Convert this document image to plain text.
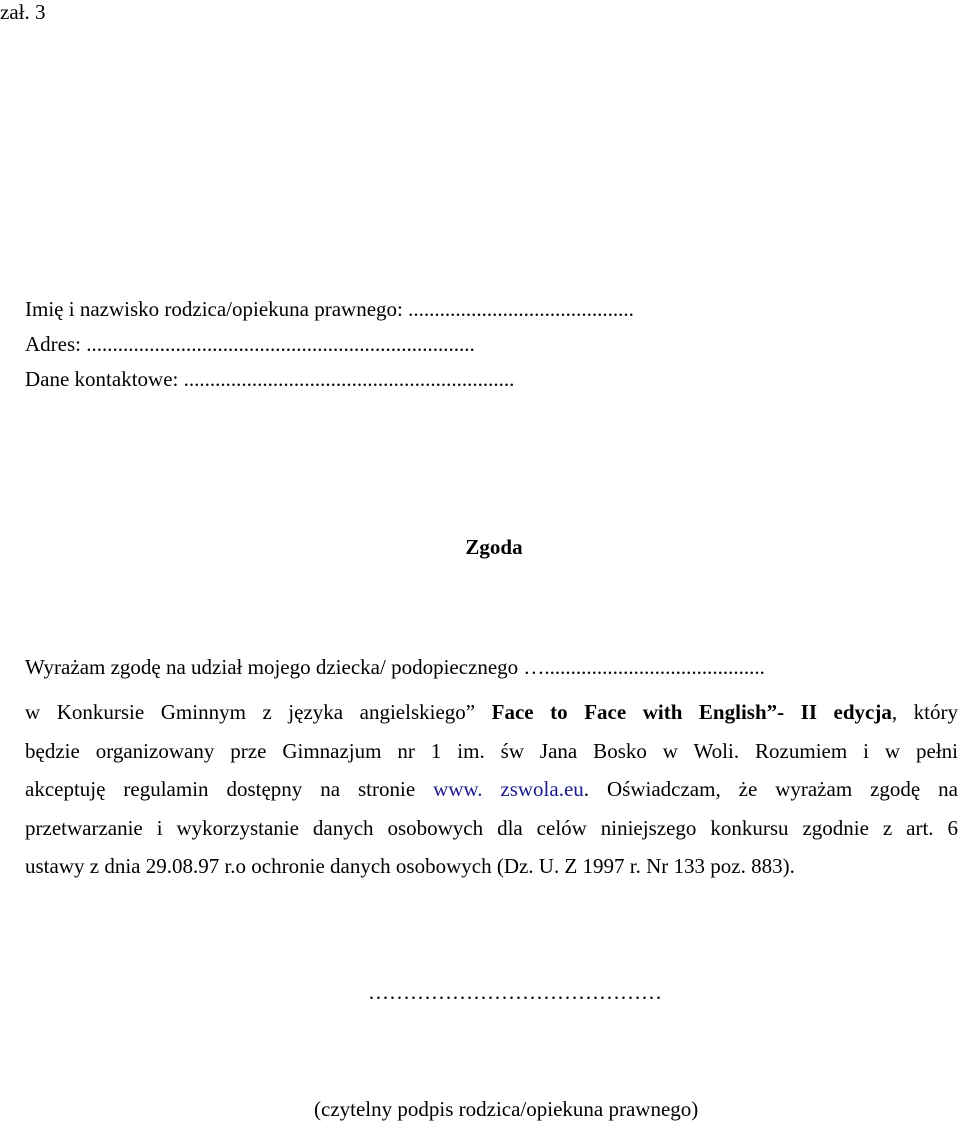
zał. 3
Imię i nazwisko rodzica/opiekuna prawnego: ...........................................
Adres: ..........................................................................
Dane kontaktowe: ...............................................................
Zgoda
Wyrażam zgodę na udział mojego dziecka/ podopiecznego …..........................................
w Konkursie Gminnym z języka angielskiego” Face to Face with English”- II edycja, który
będzie organizowany prze Gimnazjum nr 1 im. św Jana Bosko w Woli. Rozumiem i w pełni
akceptuję regulamin dostępny na stronie www. zswola.eu. Oświadczam, że wyrażam zgodę na
przetwarzanie i wykorzystanie danych osobowych dla celów niniejszego konkursu zgodnie z art. 6
ustawy z dnia 29.08.97 r.o ochronie danych osobowych (Dz. U. Z 1997 r. Nr 133 poz. 883).
……………………………………
(czytelny podpis rodzica/opiekuna prawnego)
